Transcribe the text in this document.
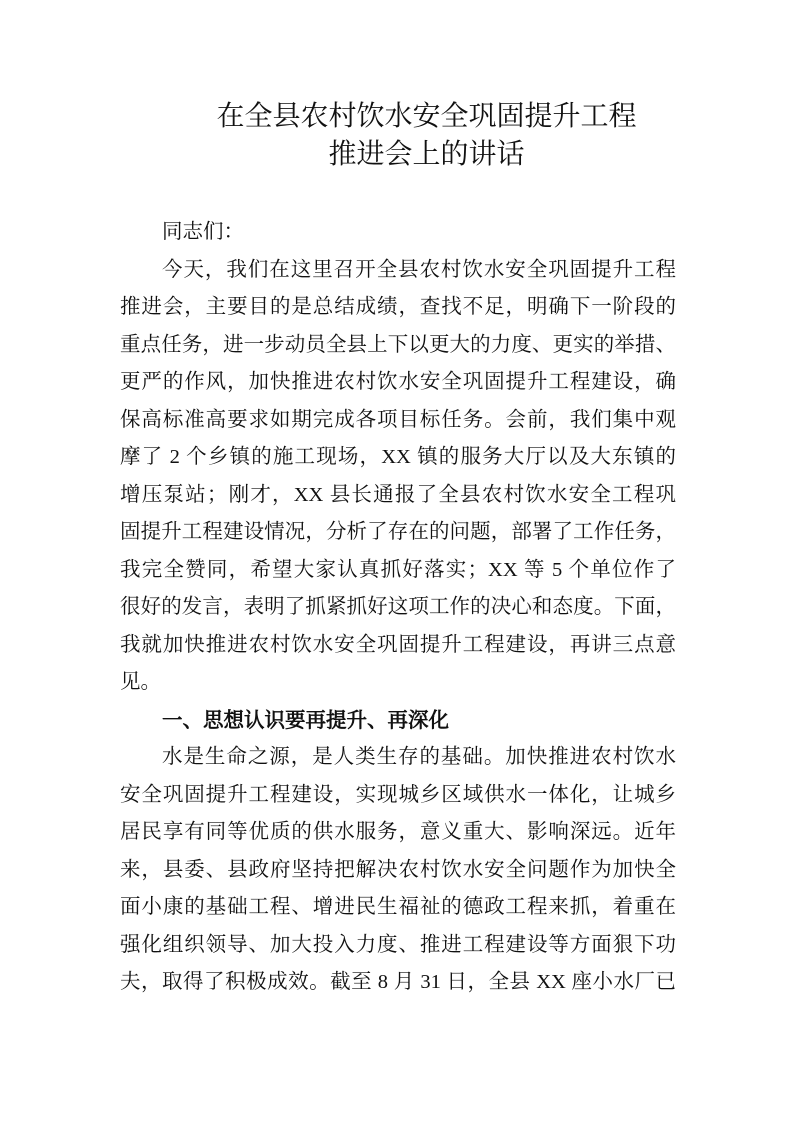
在全县农村饮水安全巩固提升工程
推进会上的讲话
同志们：
今天，我们在这里召开全县农村饮水安全巩固提升工程
推进会，主要目的是总结成绩，查找不足，明确下一阶段的
重点任务，进一步动员全县上下以更大的力度、更实的举措、
更严的作风，加快推进农村饮水安全巩固提升工程建设，确
保高标准高要求如期完成各项目标任务。会前，我们集中观
摩了 2 个乡镇的施工现场，XX 镇的服务大厅以及大东镇的
增压泵站；刚才，XX 县长通报了全县农村饮水安全工程巩
固提升工程建设情况，分析了存在的问题，部署了工作任务，
我完全赞同，希望大家认真抓好落实；XX 等 5 个单位作了
很好的发言，表明了抓紧抓好这项工作的决心和态度。下面，
我就加快推进农村饮水安全巩固提升工程建设，再讲三点意
见。
一、思想认识要再提升、再深化
水是生命之源，是人类生存的基础。加快推进农村饮水
安全巩固提升工程建设，实现城乡区域供水一体化，让城乡
居民享有同等优质的供水服务，意义重大、影响深远。近年
来，县委、县政府坚持把解决农村饮水安全问题作为加快全
面小康的基础工程、增进民生福祉的德政工程来抓，着重在
强化组织领导、加大投入力度、推进工程建设等方面狠下功
夫，取得了积极成效。截至 8 月 31 日，全县 XX 座小水厂已
